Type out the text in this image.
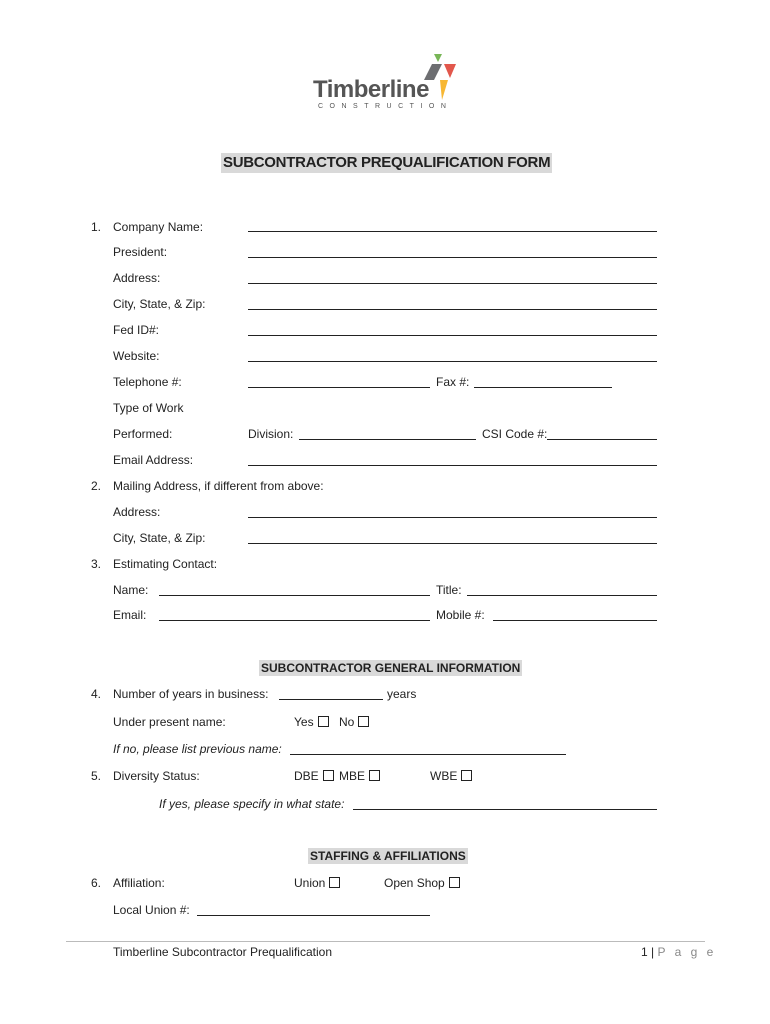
Timberline
CONSTRUCTION
SUBCONTRACTOR PREQUALIFICATION FORM
1. Company Name:
President:
Address:
City, State, & Zip:
Fed ID#:
Website:
Telephone #:	Fax #:
Type of Work
Performed:	Division:	CSI Code #:
Email Address:
2. Mailing Address, if different from above:
Address:
City, State, & Zip:
3. Estimating Contact:
Name:	Title:
Email:	Mobile #:
SUBCONTRACTOR GENERAL INFORMATION
4. Number of years in business:	years
Under present name:	Yes	No
If no, please list previous name:
5. Diversity Status:	DBE	MBE	WBE
If yes, please specify in what state:
STAFFING & AFFILIATIONS
6. Affiliation:	Union	Open Shop
Local Union #:
Timberline Subcontractor Prequalification	1 | P a g e
